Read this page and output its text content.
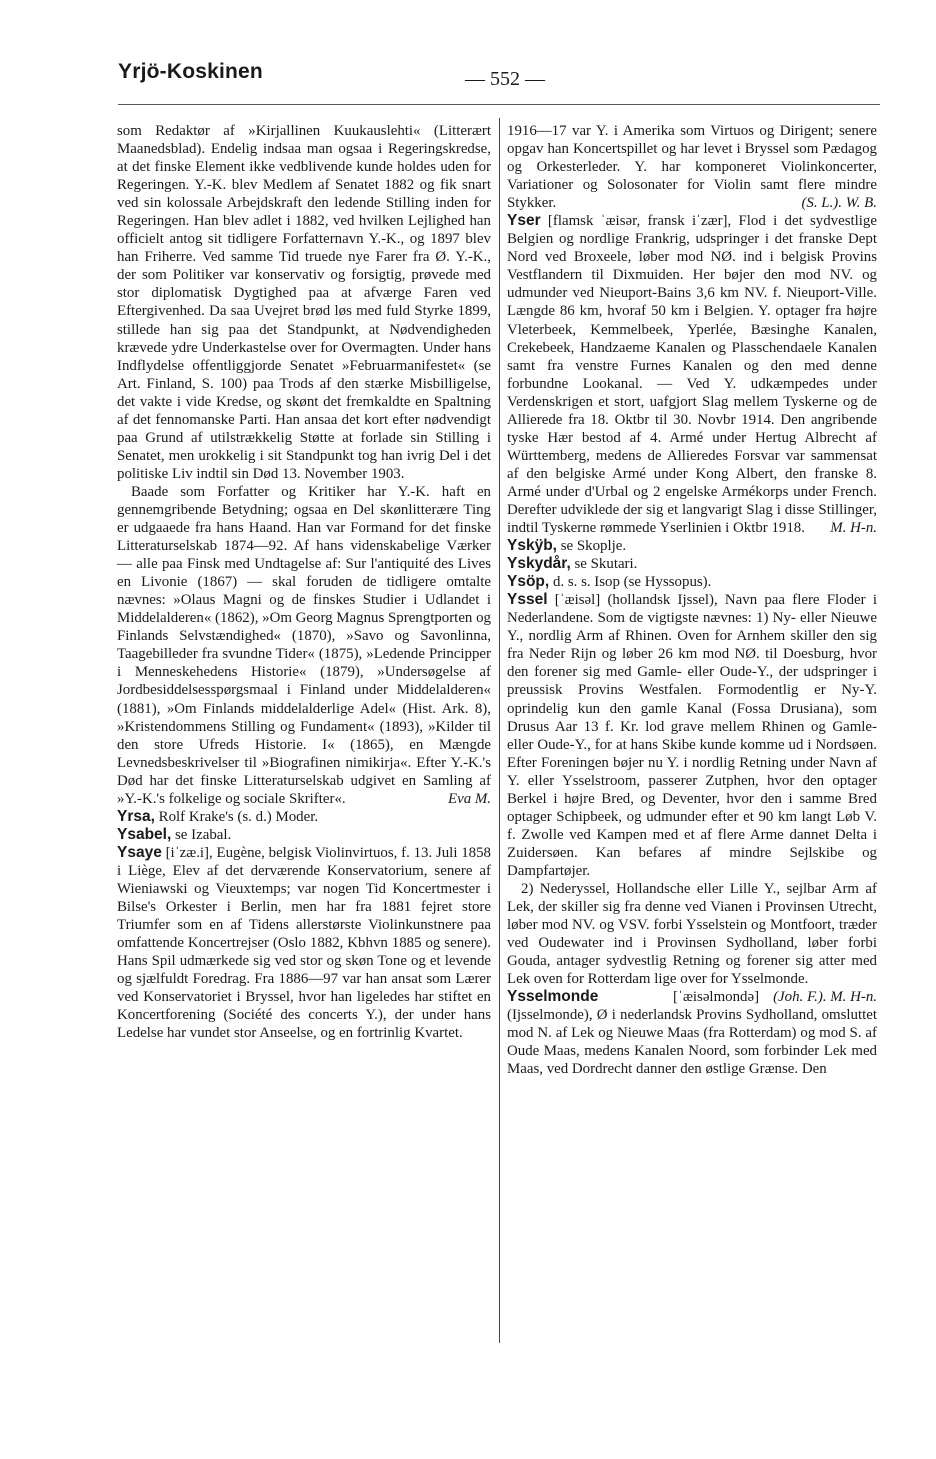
Yrjö-Koskinen	— 552 —

som Redaktør af »Kirjallinen Kuukauslehti« (Litterært Maanedsblad). Endelig indsaa man ogsaa i Regeringskredse, at det finske Element ikke vedblivende kunde holdes uden for Regeringen. Y.-K. blev Medlem af Senatet 1882 og fik snart ved sin kolossale Arbejdskraft den ledende Stilling inden for Regeringen. Han blev adlet i 1882, ved hvilken Lejlighed han officielt antog sit tidligere Forfatternavn Y.-K., og 1897 blev han Friherre. Ved samme Tid truede nye Farer fra Ø. Y.-K., der som Politiker var konservativ og forsigtig, prøvede med stor diplomatisk Dygtighed paa at afværge Faren ved Eftergivenhed. Da saa Uvejret brød løs med fuld Styrke 1899, stillede han sig paa det Standpunkt, at Nødvendigheden krævede ydre Underkastelse over for Overmagten. Under hans Indflydelse offentliggjorde Senatet »Februarmanifestet« (se Art. Finland, S. 100) paa Trods af den stærke Misbilligelse, det vakte i vide Kredse, og skønt det fremkaldte en Spaltning af det fennomanske Parti. Han ansaa det kort efter nødvendigt paa Grund af utilstrækkelig Støtte at forlade sin Stilling i Senatet, men urokkelig i sit Standpunkt tog han ivrig Del i det politiske Liv indtil sin Død 13. November 1903.

Baade som Forfatter og Kritiker har Y.-K. haft en gennemgribende Betydning; ogsaa en Del skønlitterære Ting er udgaaede fra hans Haand. Han var Formand for det finske Litteraturselskab 1874—92. Af hans videnskabelige Værker — alle paa Finsk med Undtagelse af: Sur l'antiquité des Lives en Livonie (1867) — skal foruden de tidligere omtalte nævnes: »Olaus Magni og de finskes Studier i Udlandet i Middelalderen« (1862), »Om Georg Magnus Sprengtporten og Finlands Selvstændighed« (1870), »Savo og Savonlinna, Taagebilleder fra svundne Tider« (1875), »Ledende Principper i Menneskehedens Historie« (1879), »Undersøgelse af Jordbesiddelsesspørgsmaal i Finland under Middelalderen« (1881), »Om Finlands middelalderlige Adel« (Hist. Ark. 8), »Kristendommens Stilling og Fundament« (1893), »Kilder til den store Ufreds Historie. I« (1865), en Mængde Levnedsbeskrivelser til »Biografinen nimikirja«. Efter Y.-K.'s Død har det finske Litteraturselskab udgivet en Samling af »Y.-K.'s folkelige og sociale Skrifter«.	Eva M.

Yrsa, Rolf Krake's (s. d.) Moder.

Ysabel, se Izabal.

Ysaye [iˈzæ.i], Eugène, belgisk Violinvirtuos, f. 13. Juli 1858 i Liège, Elev af det derværende Konservatorium, senere af Wieniawski og Vieuxtemps; var nogen Tid Koncertmester i Bilse's Orkester i Berlin, men har fra 1881 fejret store Triumfer som en af Tidens allerstørste Violinkunstnere paa omfattende Koncertrejser (Oslo 1882, Kbhvn 1885 og senere). Hans Spil udmærkede sig ved stor og skøn Tone og et levende og sjælfuldt Foredrag. Fra 1886—97 var han ansat som Lærer ved Konservatoriet i Bryssel, hvor han ligeledes har stiftet en Koncertforening (Société des concerts Y.), der under hans Ledelse har vundet stor Anseelse, og en fortrinlig Kvartet.

1916—17 var Y. i Amerika som Virtuos og Dirigent; senere opgav han Koncertspillet og har levet i Bryssel som Pædagog og Orkesterleder. Y. har komponeret Violinkoncerter, Variationer og Solosonater for Violin samt flere mindre Stykker.	(S. L.). W. B.

Yser [flamsk ˈæisər, fransk iˈzær], Flod i det sydvestlige Belgien og nordlige Frankrig, udspringer i det franske Dept Nord ved Broxeele, løber mod NØ. ind i belgisk Provins Vestflandern til Dixmuiden. Her bøjer den mod NV. og udmunder ved Nieuport-Bains 3,6 km NV. f. Nieuport-Ville. Længde 86 km, hvoraf 50 km i Belgien. Y. optager fra højre Vleterbeek, Kemmelbeek, Yperlée, Bæsinghe Kanalen, Crekebeek, Handzaeme Kanalen og Plasschendaele Kanalen samt fra venstre Furnes Kanalen og den med denne forbundne Lookanal. — Ved Y. udkæmpedes under Verdenskrigen et stort, uafgjort Slag mellem Tyskerne og de Allierede fra 18. Oktbr til 30. Novbr 1914. Den angribende tyske Hær bestod af 4. Armé under Hertug Albrecht af Württemberg, medens de Allieredes Forsvar var sammensat af den belgiske Armé under Kong Albert, den franske 8. Armé under d'Urbal og 2 engelske Armékorps under French. Derefter udviklede der sig et langvarigt Slag i disse Stillinger, indtil Tyskerne rømmede Yserlinien i Oktbr 1918. M. H-n.

Yskÿb, se Skoplje.

Yskydår, se Skutari.

Ysöp, d. s. s. Isop (se Hyssopus).

Yssel [ˈæisəl] (hollandsk Ijssel), Navn paa flere Floder i Nederlandene. Som de vigtigste nævnes: 1) Ny- eller Nieuwe Y., nordlig Arm af Rhinen. Oven for Arnhem skiller den sig fra Neder Rijn og løber 26 km mod NØ. til Doesburg, hvor den forener sig med Gamle- eller Oude-Y., der udspringer i preussisk Provins Westfalen. Formodentlig er Ny-Y. oprindelig kun den gamle Kanal (Fossa Drusiana), som Drusus Aar 13 f. Kr. lod grave mellem Rhinen og Gamle- eller Oude-Y., for at hans Skibe kunde komme ud i Nordsøen. Efter Foreningen bøjer nu Y. i nordlig Retning under Navn af Y. eller Ysselstroom, passerer Zutphen, hvor den optager Berkel i højre Bred, og Deventer, hvor den i samme Bred optager Schipbeek, og udmunder efter et 90 km langt Løb V. f. Zwolle ved Kampen med et af flere Arme dannet Delta i Zuidersøen. Kan befares af mindre Sejlskibe og Dampfartøjer.

2) Nederyssel, Hollandsche eller Lille Y., sejlbar Arm af Lek, der skiller sig fra denne ved Vianen i Provinsen Utrecht, løber mod NV. og VSV. forbi Ysselstein og Montfoort, træder ved Oudewater ind i Provinsen Sydholland, løber forbi Gouda, antager sydvestlig Retning og forener sig atter med Lek oven for Rotterdam lige over for Ysselmonde.
(Joh. F.). M. H-n.

Ysselmonde	[ˈæisəlmondə] (Ijsselmonde), Ø i nederlandsk Provins Sydholland, omsluttet mod N. af Lek og Nieuwe Maas (fra Rotterdam) og mod S. af Oude Maas, medens Kanalen Noord, som forbinder Lek med Maas, ved Dordrecht danner den østlige Grænse. Den
